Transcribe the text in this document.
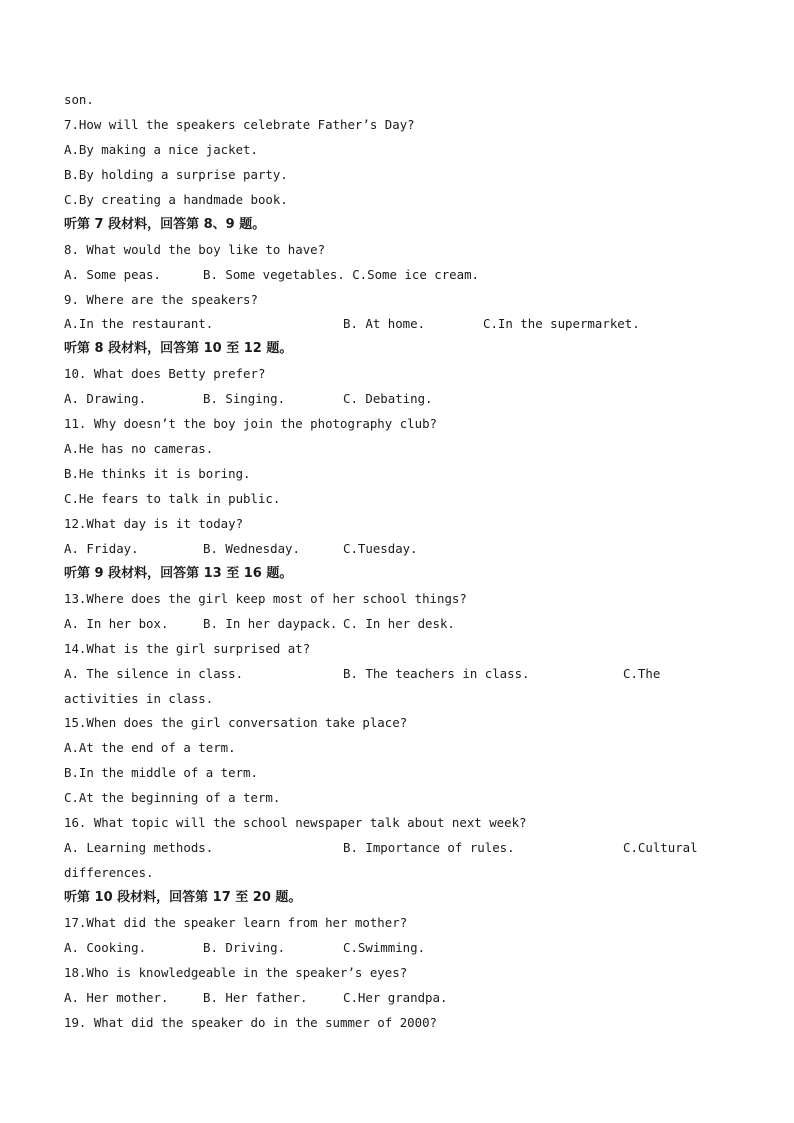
son.
7.How will the speakers celebrate Father’s Day?
A.By making a nice jacket.
B.By holding a surprise party.
C.By creating a handmade book.
听第 7 段材料，回答第 8、9 题。
8. What would the boy like to have?
A. Some peas.	B. Some vegetables. C.Some ice cream.
9. Where are the speakers?
A.In the restaurant.	B. At home.	C.In the supermarket.
听第 8 段材料，回答第 10 至 12 题。
10. What does Betty prefer?
A. Drawing.	B. Singing.	C. Debating.
11. Why doesn’t the boy join the photography club?
A.He has no cameras.
B.He thinks it is boring.
C.He fears to talk in public.
12.What day is it today?
A. Friday.	B. Wednesday.	C.Tuesday.
听第 9 段材料，回答第 13 至 16 题。
13.Where does the girl keep most of her school things?
A. In her box.	B. In her daypack. C. In her desk.
14.What is the girl surprised at?
A. The silence in class.	B. The teachers in class.	C.The
activities in class.
15.When does the girl conversation take place?
A.At the end of a term.
B.In the middle of a term.
C.At the beginning of a term.
16. What topic will the school newspaper talk about next week?
A. Learning methods.	B. Importance of rules.	C.Cultural
differences.
听第 10 段材料，回答第 17 至 20 题。
17.What did the speaker learn from her mother?
A. Cooking.	B. Driving.	C.Swimming.
18.Who is knowledgeable in the speaker’s eyes?
A. Her mother.	B. Her father.	C.Her grandpa.
19. What did the speaker do in the summer of 2000?
